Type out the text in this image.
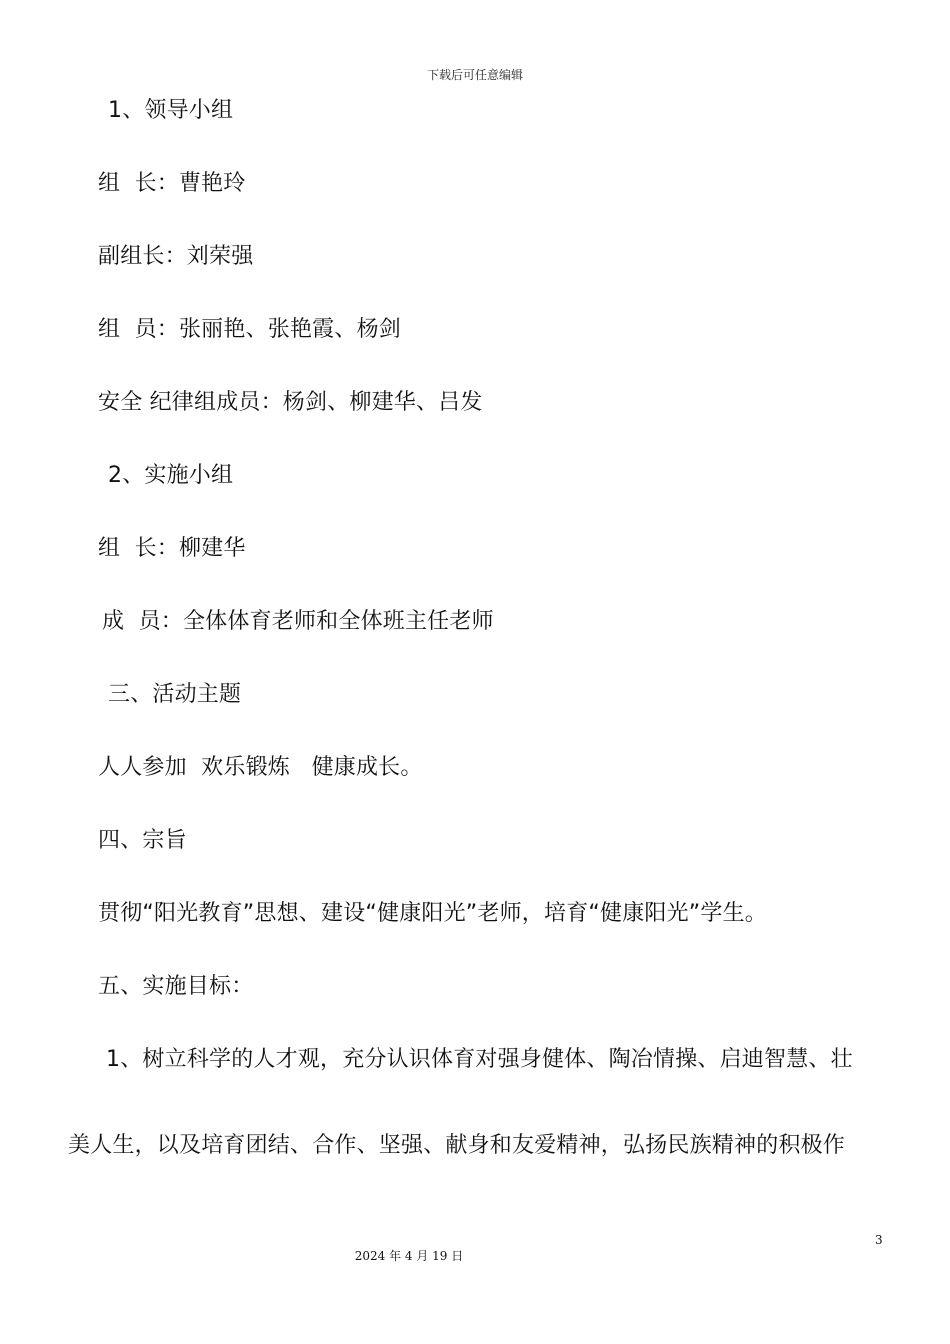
下载后可任意编辑
1、领导小组
组  长：曹艳玲
副组长：刘荣强
组  员：张丽艳、张艳霞、杨剑
安全 纪律组成员：杨剑、柳建华、吕发
2、实施小组
组  长：柳建华
成  员：全体体育老师和全体班主任老师
三、活动主题
人人参加  欢乐锻炼   健康成长。
四、宗旨
贯彻“阳光教育”思想、建设“健康阳光”老师，培育“健康阳光”学生。
五、实施目标：
1、树立科学的人才观，充分认识体育对强身健体、陶冶情操、启迪智慧、壮
美人生，以及培育团结、合作、坚强、献身和友爱精神，弘扬民族精神的积极作
3
2024 年 4 月 19 日
